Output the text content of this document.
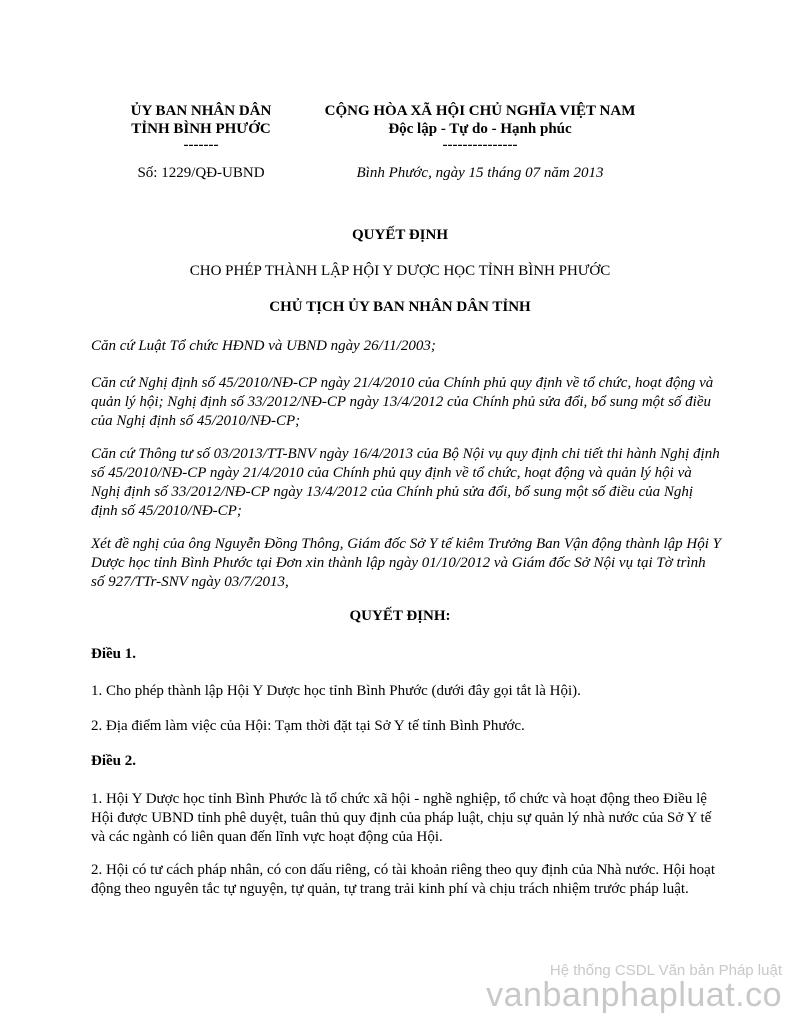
ỦY BAN NHÂN DÂN
TỈNH BÌNH PHƯỚC
-------
Số: 1229/QĐ-UBND
CỘNG HÒA XÃ HỘI CHỦ NGHĨA VIỆT NAM
Độc lập - Tự do - Hạnh phúc
---------------
Bình Phước, ngày 15 tháng 07 năm 2013
QUYẾT ĐỊNH
CHO PHÉP THÀNH LẬP HỘI Y DƯỢC HỌC TỈNH BÌNH PHƯỚC
CHỦ TỊCH ỦY BAN NHÂN DÂN TỈNH
Căn cứ Luật Tổ chức HĐND và UBND ngày 26/11/2003;
Căn cứ Nghị định số 45/2010/NĐ-CP ngày 21/4/2010 của Chính phủ quy định về tổ chức, hoạt động và quản lý hội; Nghị định số 33/2012/NĐ-CP ngày 13/4/2012 của Chính phủ sửa đổi, bổ sung một số điều của Nghị định số 45/2010/NĐ-CP;
Căn cứ Thông tư số 03/2013/TT-BNV ngày 16/4/2013 của Bộ Nội vụ quy định chi tiết thi hành Nghị định số 45/2010/NĐ-CP ngày 21/4/2010 của Chính phủ quy định về tổ chức, hoạt động và quản lý hội và Nghị định số 33/2012/NĐ-CP ngày 13/4/2012 của Chính phủ sửa đổi, bổ sung một số điều của Nghị định số 45/2010/NĐ-CP;
Xét đề nghị của ông Nguyễn Đồng Thông, Giám đốc Sở Y tế kiêm Trưởng Ban Vận động thành lập Hội Y Dược học tỉnh Bình Phước tại Đơn xin thành lập ngày 01/10/2012 và Giám đốc Sở Nội vụ tại Tờ trình số 927/TTr-SNV ngày 03/7/2013,
QUYẾT ĐỊNH:
Điều 1.
1. Cho phép thành lập Hội Y Dược học tỉnh Bình Phước (dưới đây gọi tắt là Hội).
2. Địa điểm làm việc của Hội: Tạm thời đặt tại Sở Y tế tỉnh Bình Phước.
Điều 2.
1. Hội Y Dược học tỉnh Bình Phước là tổ chức xã hội - nghề nghiệp, tổ chức và hoạt động theo Điều lệ Hội được UBND tỉnh phê duyệt, tuân thủ quy định của pháp luật, chịu sự quản lý nhà nước của Sở Y tế và các ngành có liên quan đến lĩnh vực hoạt động của Hội.
2. Hội có tư cách pháp nhân, có con dấu riêng, có tài khoản riêng theo quy định của Nhà nước. Hội hoạt động theo nguyên tắc tự nguyện, tự quản, tự trang trải kinh phí và chịu trách nhiệm trước pháp luật.
Hệ thống CSDL Văn bản Pháp luật
vanbanphapluat.co
